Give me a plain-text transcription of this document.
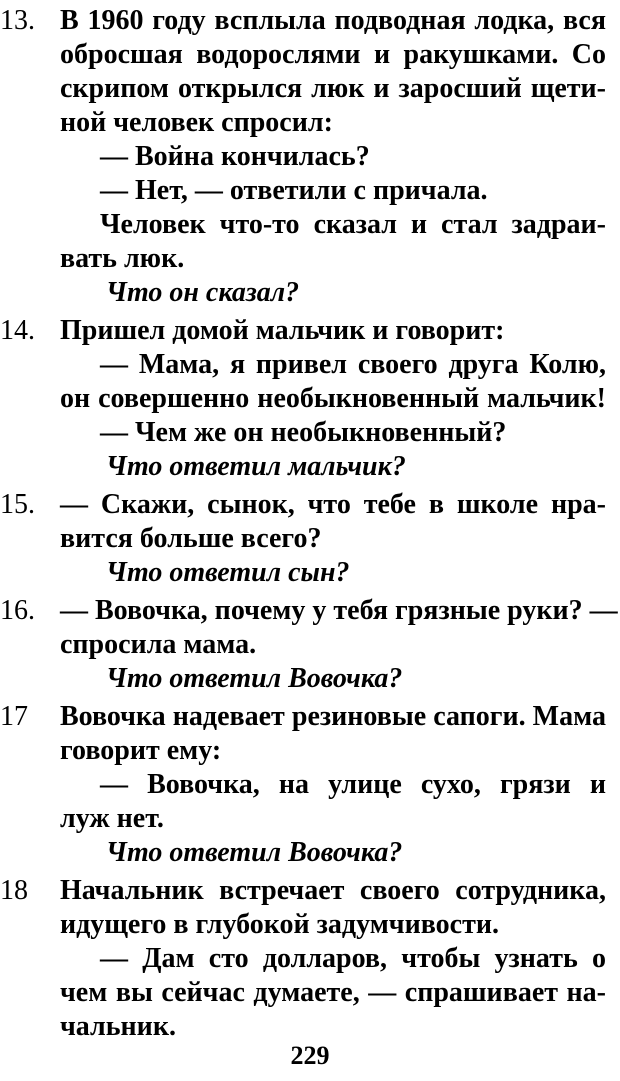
13. В 1960 году всплыла подводная лодка, вся
обросшая водорослями и ракушками. Со
скрипом открылся люк и заросший щети-
ной человек спросил:
— Война кончилась?
— Нет, — ответили с причала.
Человек что-то сказал и стал задраи-
вать люк.
Что он сказал?
14. Пришел домой мальчик и говорит:
— Мама, я привел своего друга Колю,
он совершенно необыкновенный мальчик!
— Чем же он необыкновенный?
Что ответил мальчик?
15. — Скажи, сынок, что тебе в школе нра-
вится больше всего?
Что ответил сын?
16. — Вовочка, почему у тебя грязные руки? —
спросила мама.
Что ответил Вовочка?
17 Вовочка надевает резиновые сапоги. Мама
говорит ему:
— Вовочка, на улице сухо, грязи и
луж нет.
Что ответил Вовочка?
18 Начальник встречает своего сотрудника,
идущего в глубокой задумчивости.
— Дам сто долларов, чтобы узнать о
чем вы сейчас думаете, — спрашивает на-
чальник.
229
